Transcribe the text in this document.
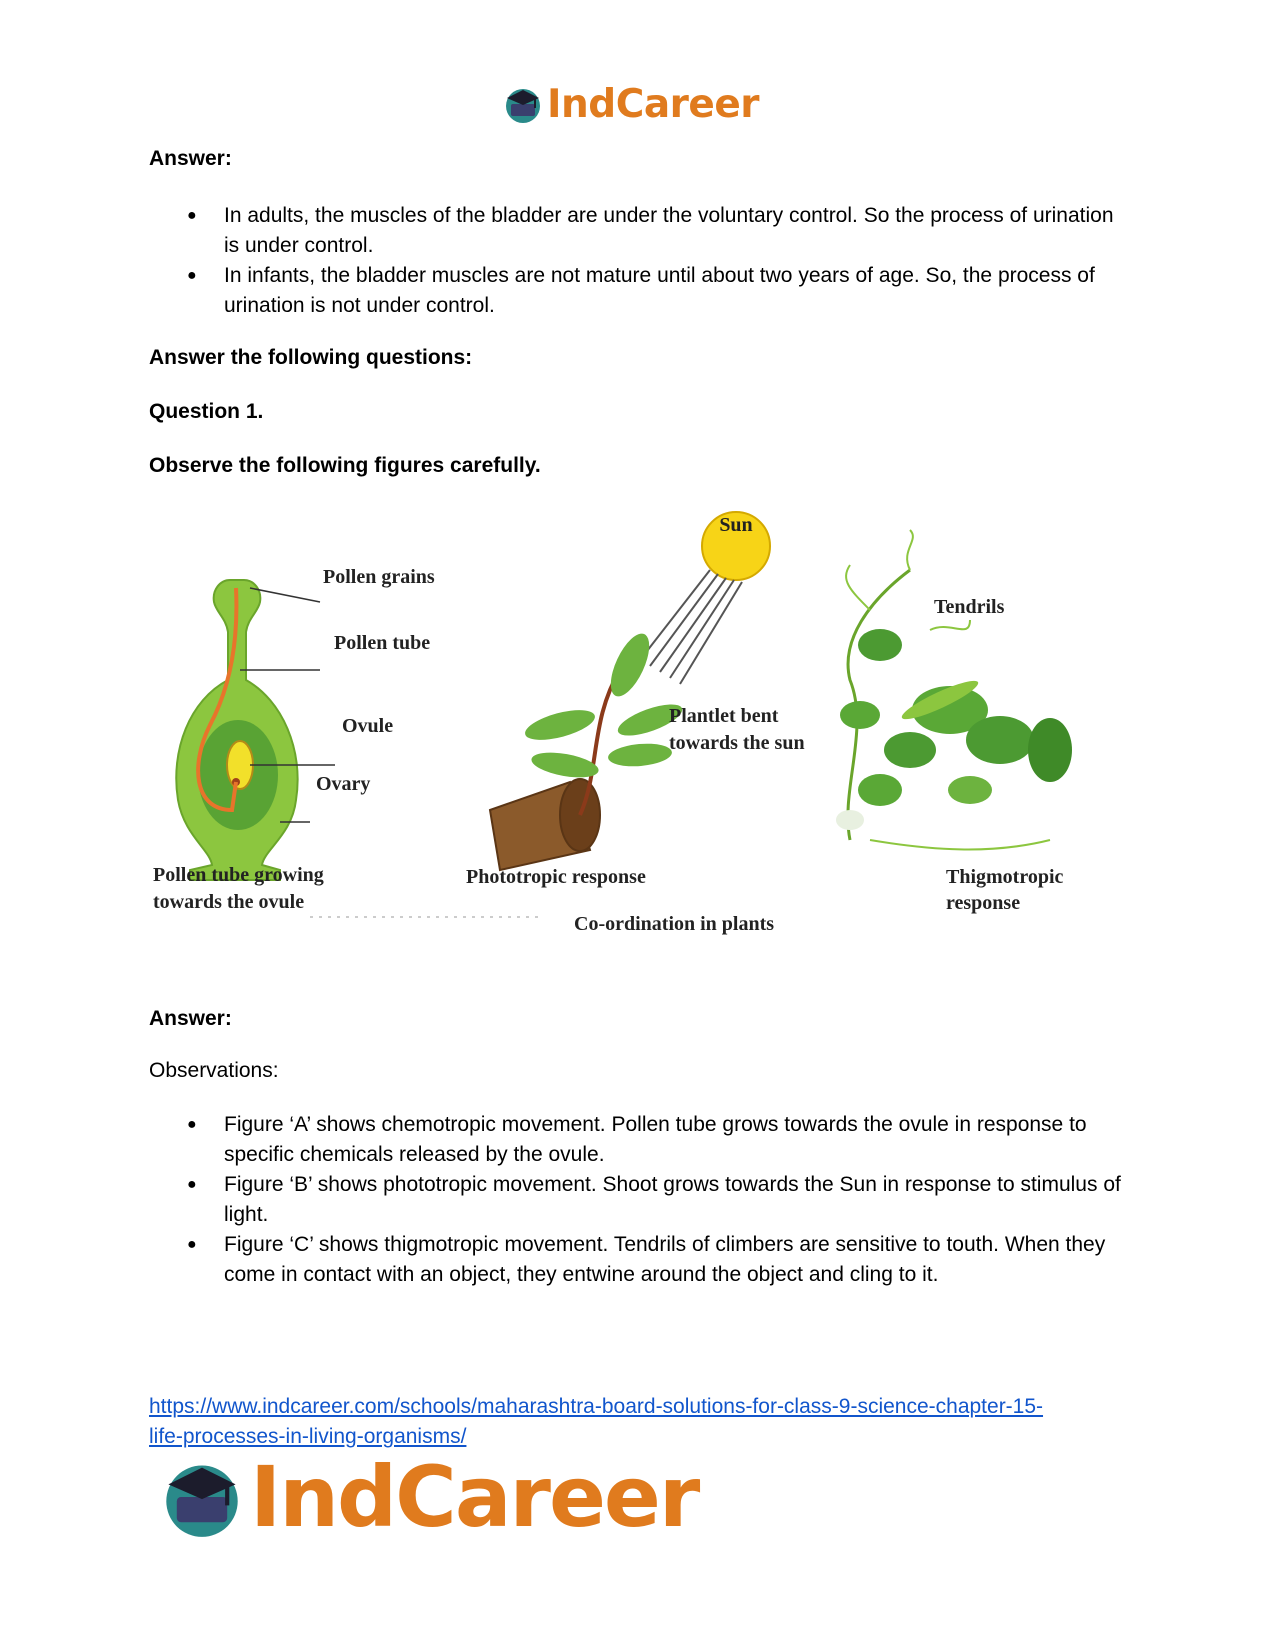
IndCareer
Answer:
● In adults, the muscles of the bladder are under the voluntary control. So the process of urination is under control.
● In infants, the bladder muscles are not mature until about two years of age. So, the process of urination is not under control.
Answer the following questions:
Question 1.
Observe the following figures carefully.
Pollen grains
Pollen tube
Ovule
Ovary
Pollen tube growing
towards the ovule
Sun
Plantlet bent
towards the sun
Phototropic response
Tendrils
Thigmotropic
response
Co-ordination in plants
Answer:
Observations:
● Figure ‘A’ shows chemotropic movement. Pollen tube grows towards the ovule in response to specific chemicals released by the ovule.
● Figure ‘B’ shows phototropic movement. Shoot grows towards the Sun in response to stimulus of light.
● Figure ‘C’ shows thigmotropic movement. Tendrils of climbers are sensitive to touth. When they come in contact with an object, they entwine around the object and cling to it.
https://www.indcareer.com/schools/maharashtra-board-solutions-for-class-9-science-chapter-15-
life-processes-in-living-organisms/
IndCareer
